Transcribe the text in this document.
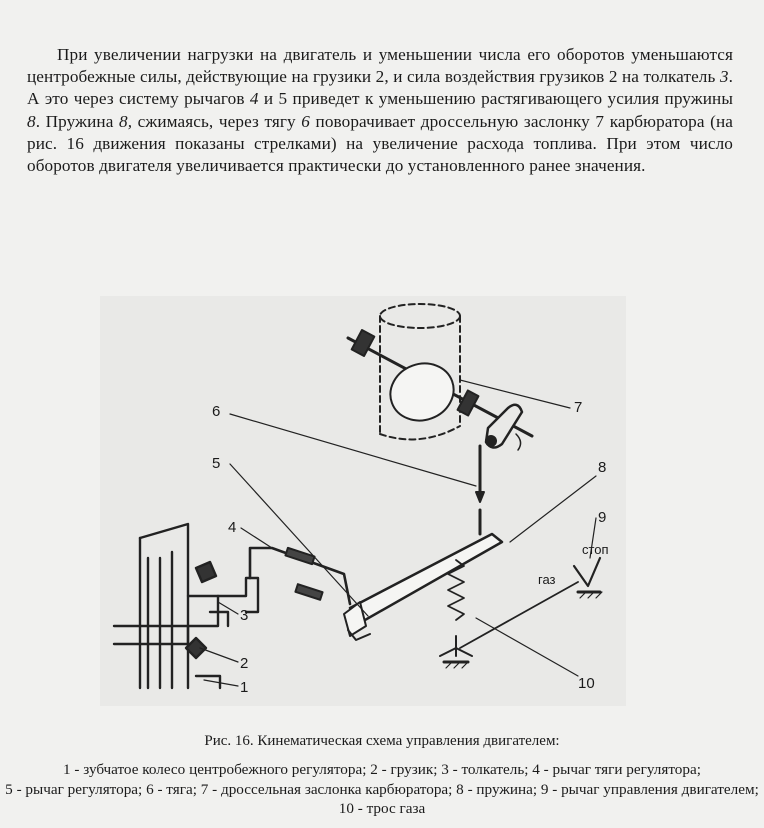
При увеличении нагрузки на двигатель и уменьшении числа его оборотов уменьшаются центробежные силы, действующие на грузики 2, и сила воздействия грузиков 2 на толкатель 3. А это через систему рычагов 4 и 5 приведет к уменьшению растягивающего усилия пружины 8. Пружина 8, сжимаясь, через тягу 6 поворачивает дроссельную заслонку 7 карбюратора (на рис. 16 движения показаны стрелками) на увеличение расхода топлива. При этом число оборотов двигателя увеличивается практически до установленного ранее значения.

6
5
4
3
2
1
7
8
9
10
стоп
газ
Рис. 16. Кинематическая схема управления двигателем:
1 - зубчатое колесо центробежного регулятора; 2 - грузик; 3 - толкатель; 4 - рычаг тяги регулятора; 5 - рычаг регулятора; 6 - тяга; 7 - дроссельная заслонка карбюратора; 8 - пружина; 9 - рычаг управления двигателем; 10 - трос газа
